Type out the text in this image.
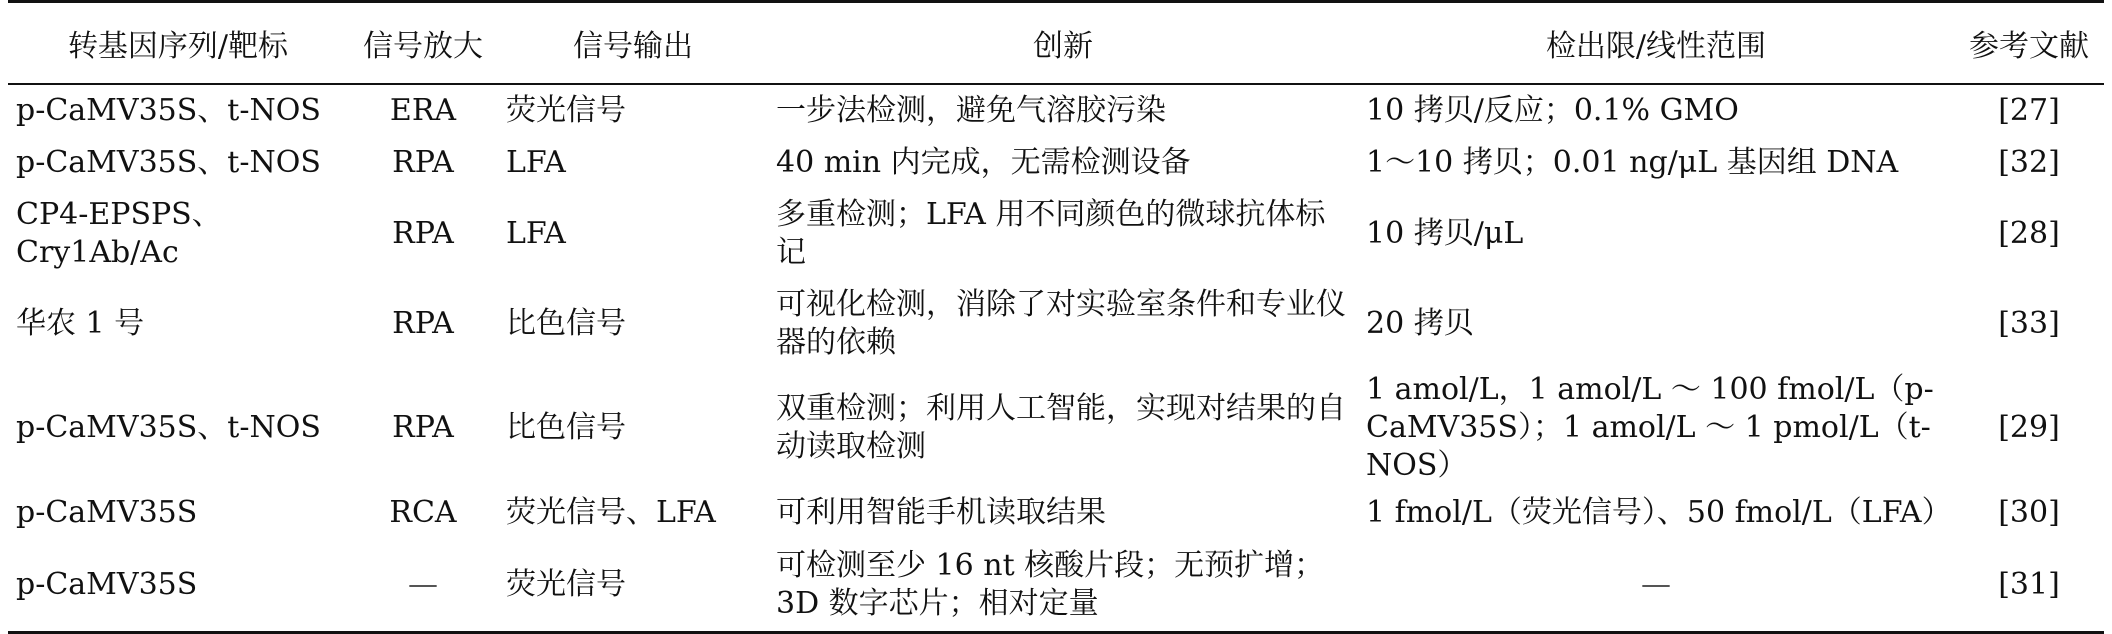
转基因序列/靶标	信号放大	信号输出	创新	检出限/线性范围	参考文献
p-CaMV35S、t-NOS	ERA	荧光信号	一步法检测，避免气溶胶污染	10 拷贝/反应；0.1% GMO	[27]
p-CaMV35S、t-NOS	RPA	LFA	40 min 内完成，无需检测设备	1～10 拷贝；0.01 ng/μL 基因组 DNA	[32]
CP4-EPSPS、Cry1Ab/Ac	RPA	LFA	多重检测；LFA 用不同颜色的微球抗体标记	10 拷贝/μL	[28]
华农 1 号	RPA	比色信号	可视化检测，消除了对实验室条件和专业仪器的依赖	20 拷贝	[33]
p-CaMV35S、t-NOS	RPA	比色信号	双重检测；利用人工智能，实现对结果的自动读取检测	1 amol/L，1 amol/L ～ 100 fmol/L（p-CaMV35S）；1 amol/L ～ 1 pmol/L（t-NOS）	[29]
p-CaMV35S	RCA	荧光信号、LFA	可利用智能手机读取结果	1 fmol/L（荧光信号）、50 fmol/L（LFA）	[30]
p-CaMV35S	—	荧光信号	可检测至少 16 nt 核酸片段；无预扩增；3D 数字芯片；相对定量	—	[31]
